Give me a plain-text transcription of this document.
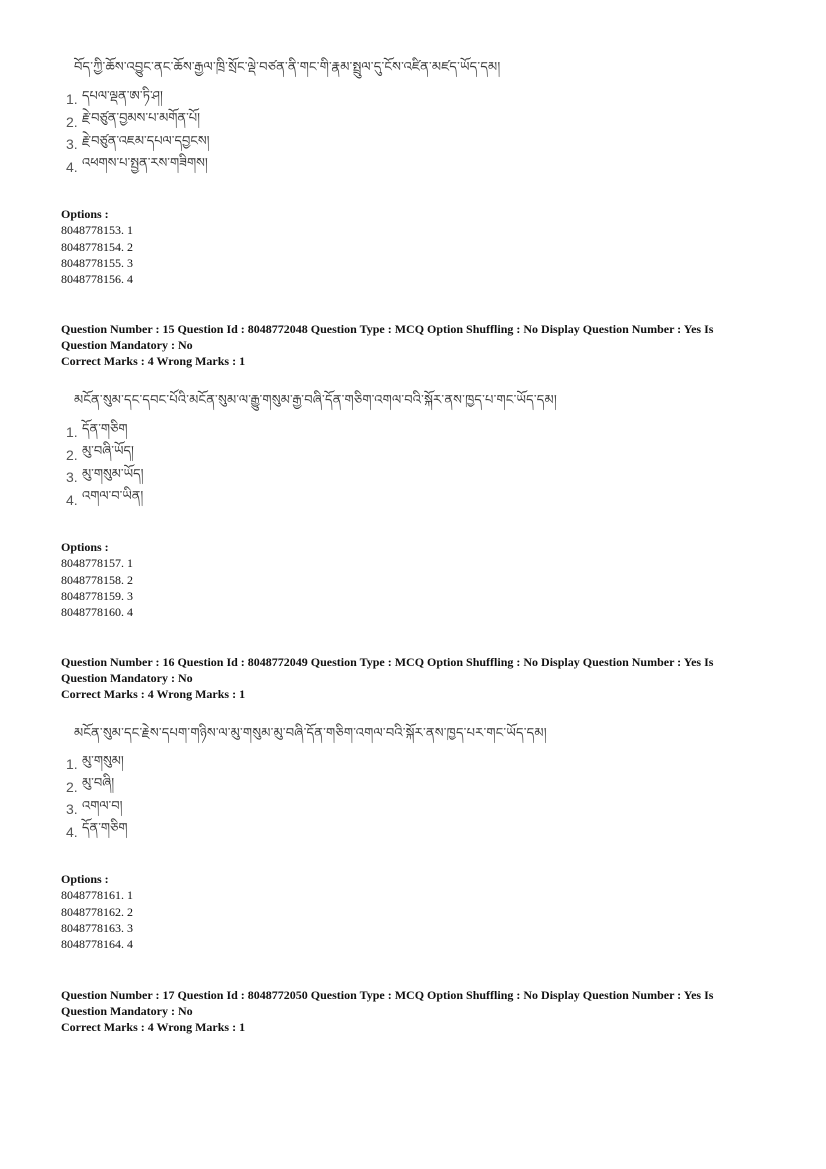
བོད་ཀྱི་ཆོས་འབྱུང་ནང་ཆོས་རྒྱལ་ཁྲི་སྲོང་ལྡེ་བཙན་ནི་གང་གི་རྣམ་སྤྲུལ་དུ་ངོས་འཛིན་མཛད་ཡོད་དམ།

1. དཔལ་ལྡན་ཨ་ཏི་ཤ།
2. རྗེ་བཙུན་བྱམས་པ་མགོན་པོ།
3. རྗེ་བཙུན་འཇམ་དཔལ་དབྱངས།
4. འཕགས་པ་སྤྱན་རས་གཟིགས།
Options :
8048778153. 1
8048778154. 2
8048778155. 3
8048778156. 4
Question Number : 15 Question Id : 8048772048 Question Type : MCQ Option Shuffling : No Display Question Number : Yes Is
Question Mandatory : No
Correct Marks : 4 Wrong Marks : 1

མངོན་སུམ་དང་དབང་པོའི་མངོན་སུམ་ལ་རྒྱུ་གསུམ་རྒྱ་བཞི་དོན་གཅིག་འགལ་བའི་སྐོར་ནས་ཁྱད་པ་གང་ཡོད་དམ།

1. དོན་གཅིག
2. མུ་བཞི་ཡོད།
3. མུ་གསུམ་ཡོད།
4. འགལ་བ་ཡིན།
Options :
8048778157. 1
8048778158. 2
8048778159. 3
8048778160. 4
Question Number : 16 Question Id : 8048772049 Question Type : MCQ Option Shuffling : No Display Question Number : Yes Is
Question Mandatory : No
Correct Marks : 4 Wrong Marks : 1

མངོན་སུམ་དང་རྗེས་དཔག་གཉིས་ལ་མུ་གསུམ་མུ་བཞི་དོན་གཅིག་འགལ་བའི་སྐོར་ནས་ཁྱད་པར་གང་ཡོད་དམ།

1. མུ་གསུམ།
2. མུ་བཞི།
3. འགལ་བ།
4. དོན་གཅིག
Options :
8048778161. 1
8048778162. 2
8048778163. 3
8048778164. 4
Question Number : 17 Question Id : 8048772050 Question Type : MCQ Option Shuffling : No Display Question Number : Yes Is
Question Mandatory : No
Correct Marks : 4 Wrong Marks : 1
